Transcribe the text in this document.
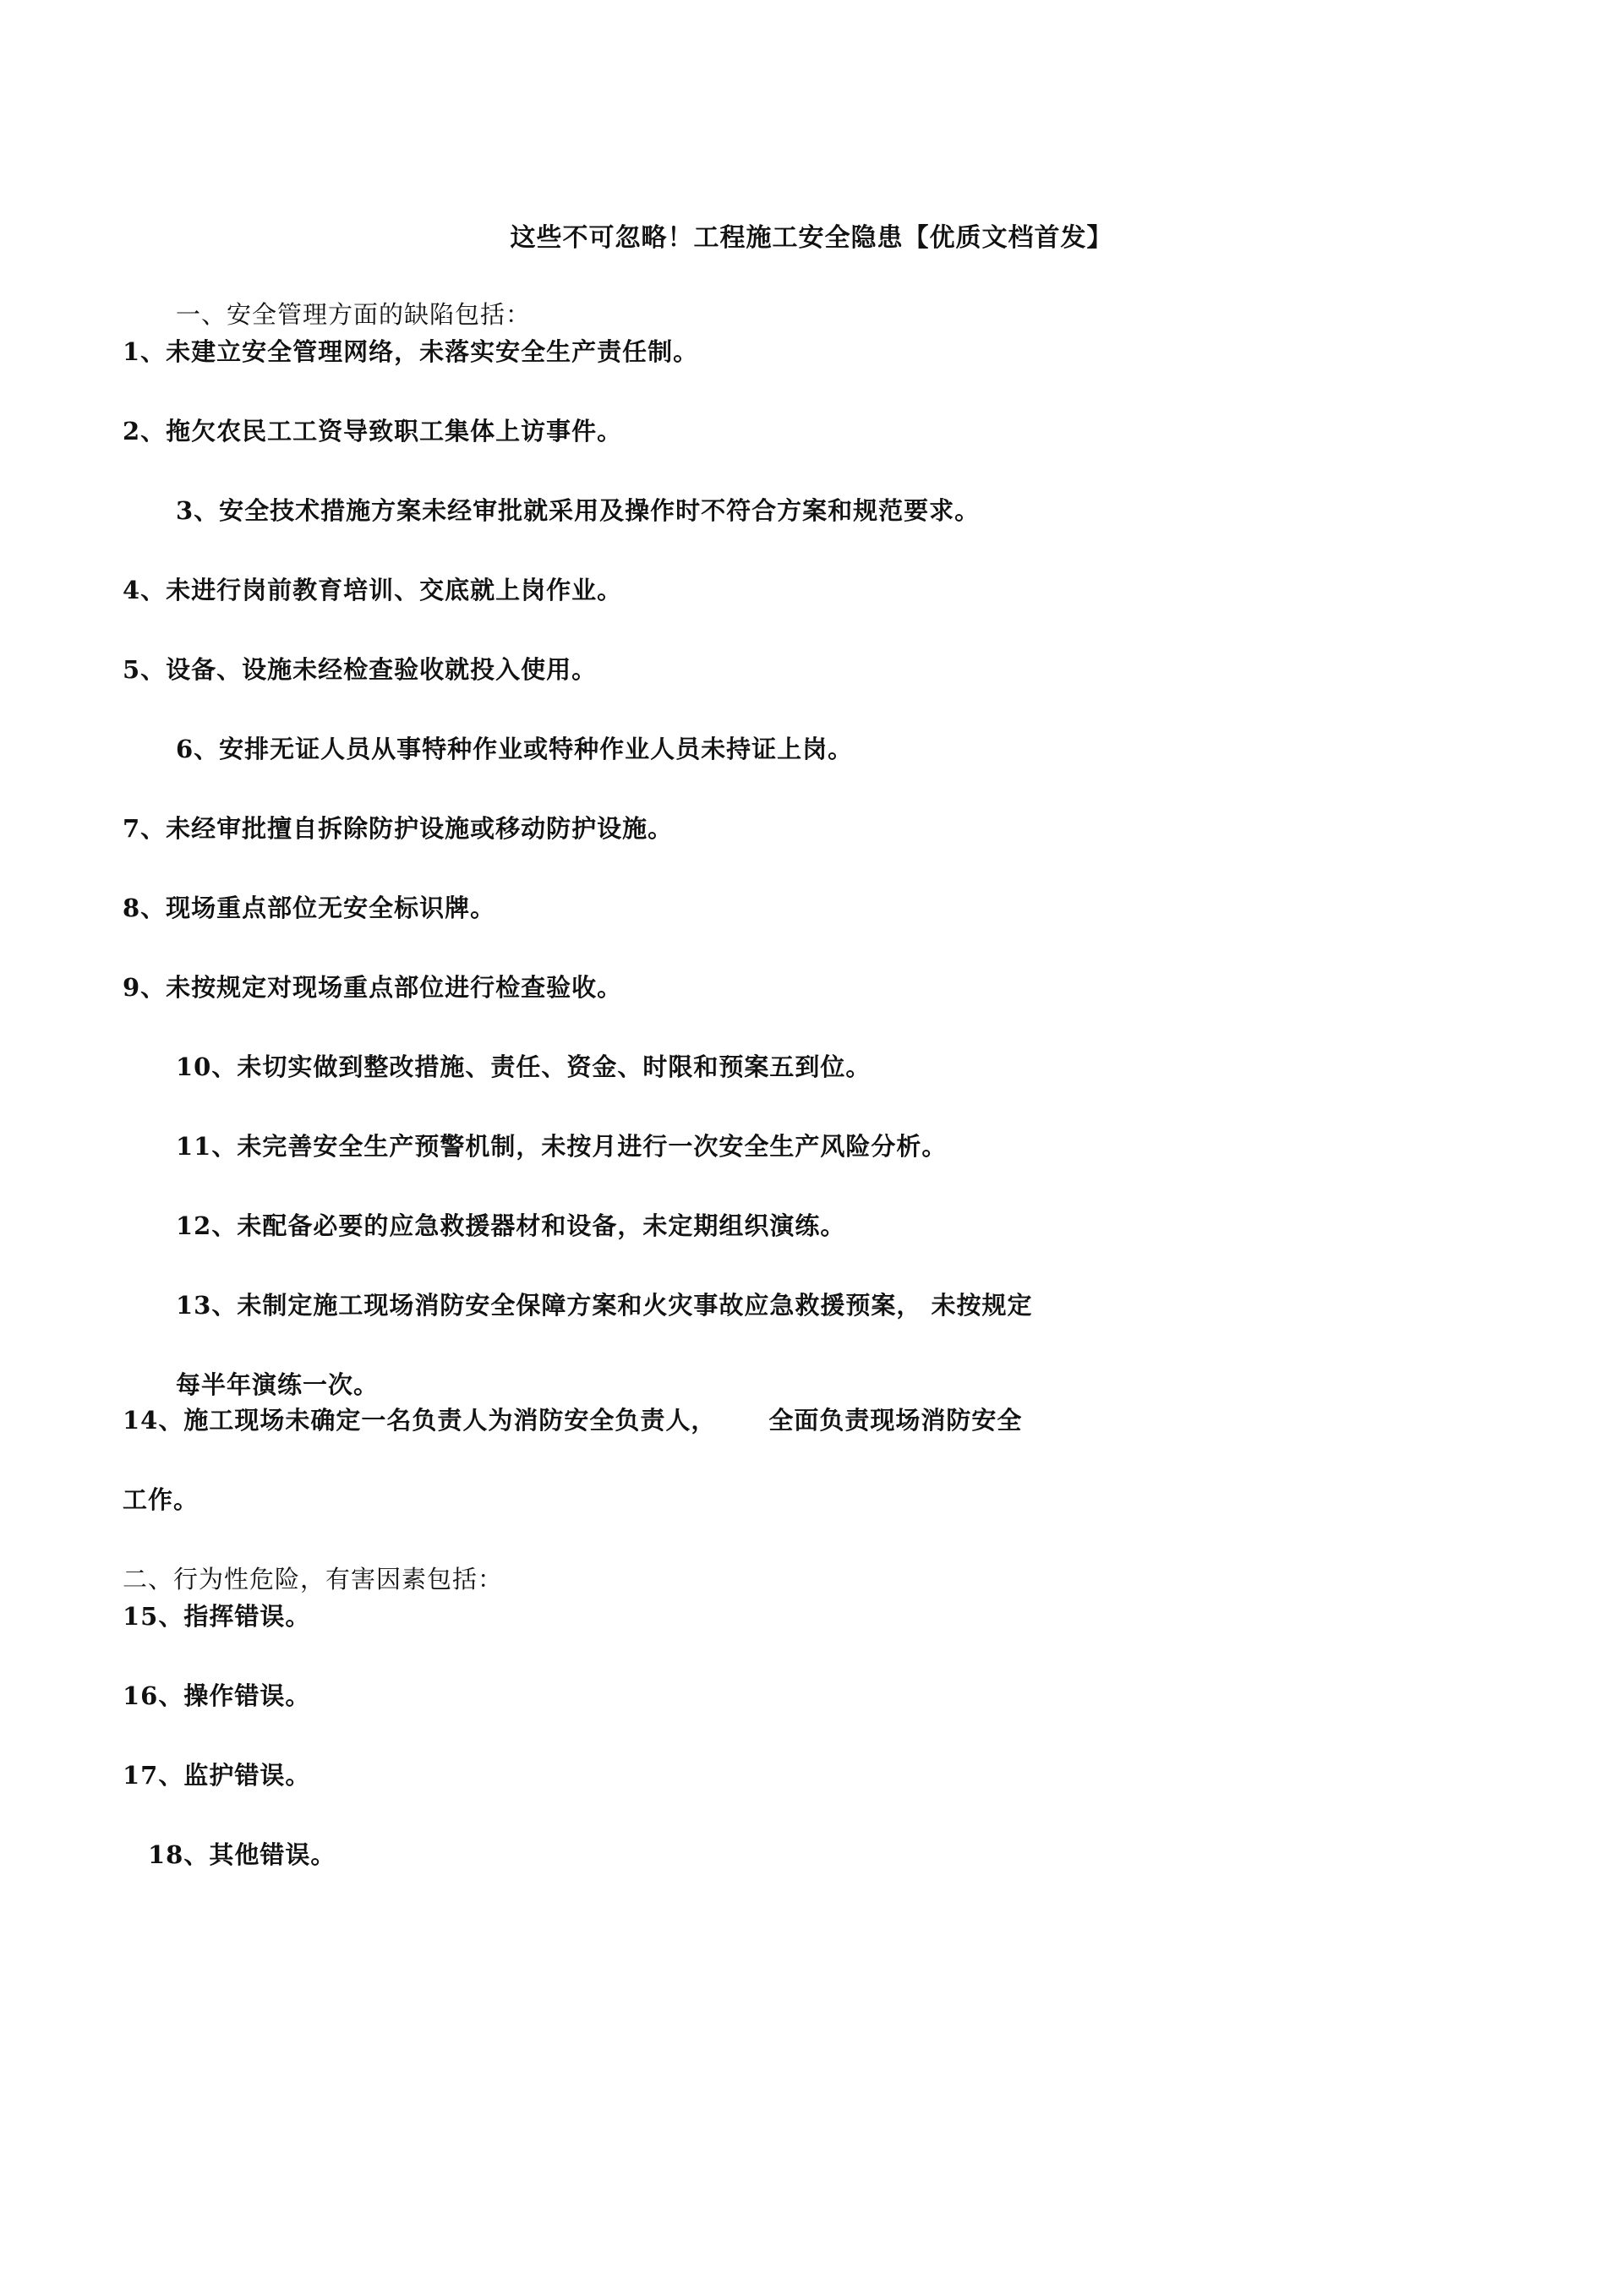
这些不可忽略！工程施工安全隐患【优质文档首发】
一、安全管理方面的缺陷包括：
1、未建立安全管理网络，未落实安全生产责任制。
2、拖欠农民工工资导致职工集体上访事件。
3、安全技术措施方案未经审批就采用及操作时不符合方案和规范要求。
4、未进行岗前教育培训、交底就上岗作业。
5、设备、设施未经检查验收就投入使用。
6、安排无证人员从事特种作业或特种作业人员未持证上岗。
7、未经审批擅自拆除防护设施或移动防护设施。
8、现场重点部位无安全标识牌。
9、未按规定对现场重点部位进行检查验收。
10、未切实做到整改措施、责任、资金、时限和预案五到位。
11、未完善安全生产预警机制，未按月进行一次安全生产风险分析。
12、未配备必要的应急救援器材和设备，未定期组织演练。
13、未制定施工现场消防安全保障方案和火灾事故应急救援预案， 未按规定
每半年演练一次。
14、施工现场未确定一名负责人为消防安全负责人， 全面负责现场消防安全
工作。
二、行为性危险，有害因素包括：
15、指挥错误。
16、操作错误。
17、监护错误。
18、其他错误。
